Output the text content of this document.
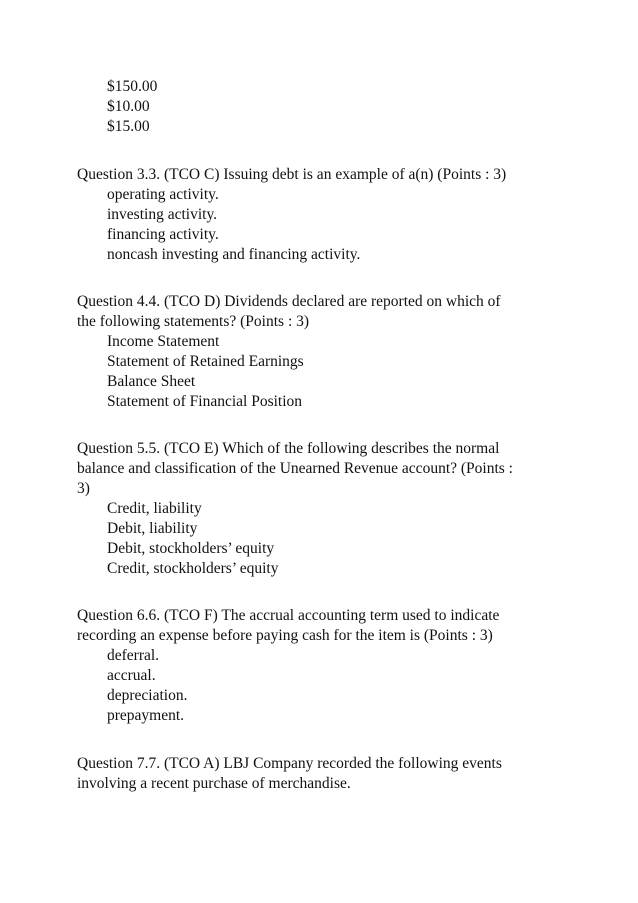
$150.00
$10.00
$15.00
Question 3.3. (TCO C) Issuing debt is an example of a(n) (Points : 3)
operating activity.
investing activity.
financing activity.
noncash investing and financing activity.
Question 4.4. (TCO D) Dividends declared are reported on which of
the following statements? (Points : 3)
Income Statement
Statement of Retained Earnings
Balance Sheet
Statement of Financial Position
Question 5.5. (TCO E) Which of the following describes the normal
balance and classification of the Unearned Revenue account? (Points :
3)
Credit, liability
Debit, liability
Debit, stockholders’ equity
Credit, stockholders’ equity
Question 6.6. (TCO F) The accrual accounting term used to indicate
recording an expense before paying cash for the item is (Points : 3)
deferral.
accrual.
depreciation.
prepayment.
Question 7.7. (TCO A) LBJ Company recorded the following events
involving a recent purchase of merchandise.
